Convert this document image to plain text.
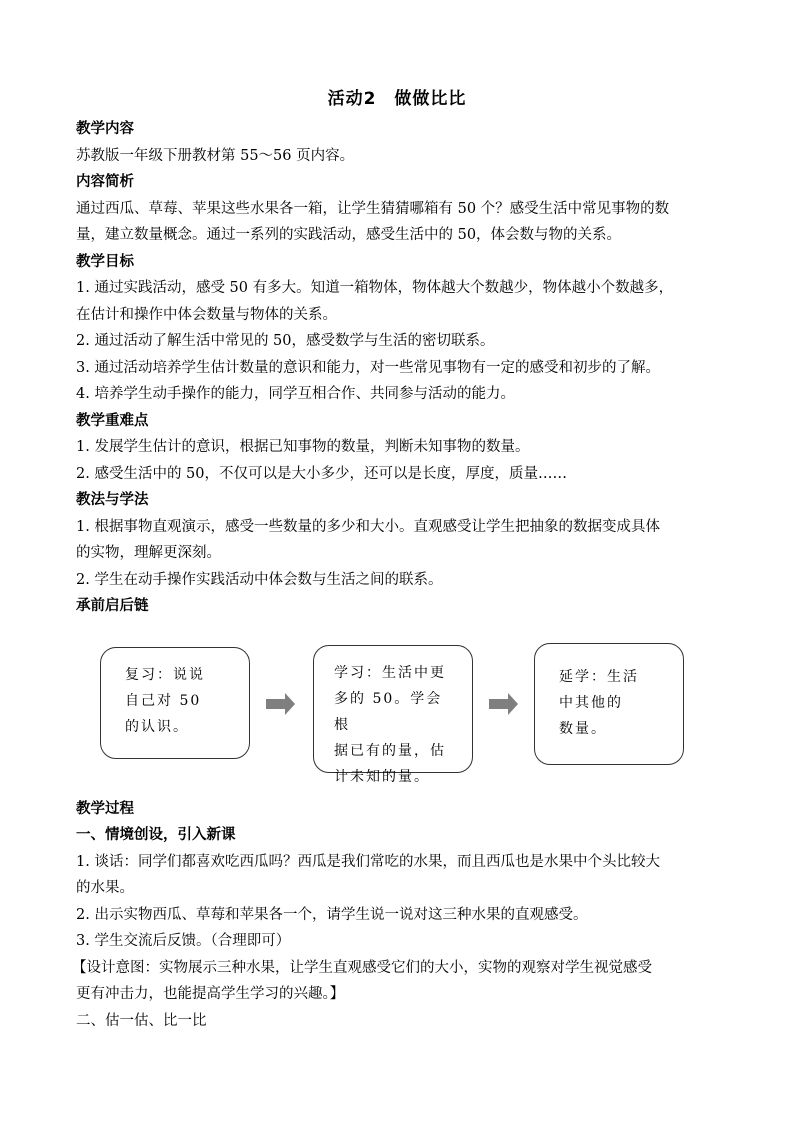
活动2　做做比比
教学内容
苏教版一年级下册教材第 55～56 页内容。
内容简析
通过西瓜、草莓、苹果这些水果各一箱，让学生猜猜哪箱有 50 个？感受生活中常见事物的数
量，建立数量概念。通过一系列的实践活动，感受生活中的 50，体会数与物的关系。
教学目标
1. 通过实践活动，感受 50 有多大。知道一箱物体，物体越大个数越少，物体越小个数越多，
在估计和操作中体会数量与物体的关系。
2. 通过活动了解生活中常见的 50，感受数学与生活的密切联系。
3. 通过活动培养学生估计数量的意识和能力，对一些常见事物有一定的感受和初步的了解。
4. 培养学生动手操作的能力，同学互相合作、共同参与活动的能力。
教学重难点
1. 发展学生估计的意识，根据已知事物的数量，判断未知事物的数量。
2. 感受生活中的 50，不仅可以是大小多少，还可以是长度，厚度，质量……
教法与学法
1. 根据事物直观演示，感受一些数量的多少和大小。直观感受让学生把抽象的数据变成具体
的实物，理解更深刻。
2. 学生在动手操作实践活动中体会数与生活之间的联系。
承前启后链
复习：说说
自己对 50
的认识。
学习：生活中更
多的 50。学会根
据已有的量，估
计未知的量。
延学：生活
中其他的
数量。
教学过程
一、情境创设，引入新课
1. 谈话：同学们都喜欢吃西瓜吗？西瓜是我们常吃的水果，而且西瓜也是水果中个头比较大
的水果。
2. 出示实物西瓜、草莓和苹果各一个，请学生说一说对这三种水果的直观感受。
3. 学生交流后反馈。（合理即可）
【设计意图：实物展示三种水果，让学生直观感受它们的大小，实物的观察对学生视觉感受
更有冲击力，也能提高学生学习的兴趣。】
二、估一估、比一比
